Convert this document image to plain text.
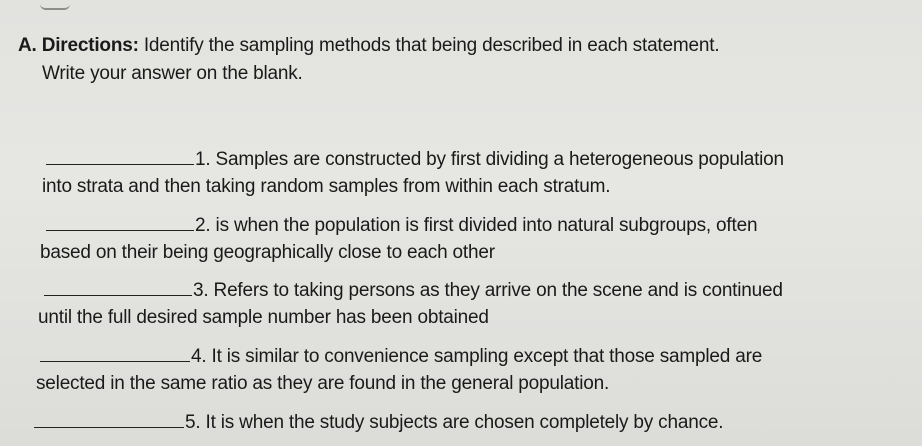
A. Directions: Identify the sampling methods that being described in each statement.
Write your answer on the blank.
1. Samples are constructed by first dividing a heterogeneous population
into strata and then taking random samples from within each stratum.
2. is when the population is first divided into natural subgroups, often
based on their being geographically close to each other
3. Refers to taking persons as they arrive on the scene and is continued
until the full desired sample number has been obtained
4. It is similar to convenience sampling except that those sampled are
selected in the same ratio as they are found in the general population.
5. It is when the study subjects are chosen completely by chance.
